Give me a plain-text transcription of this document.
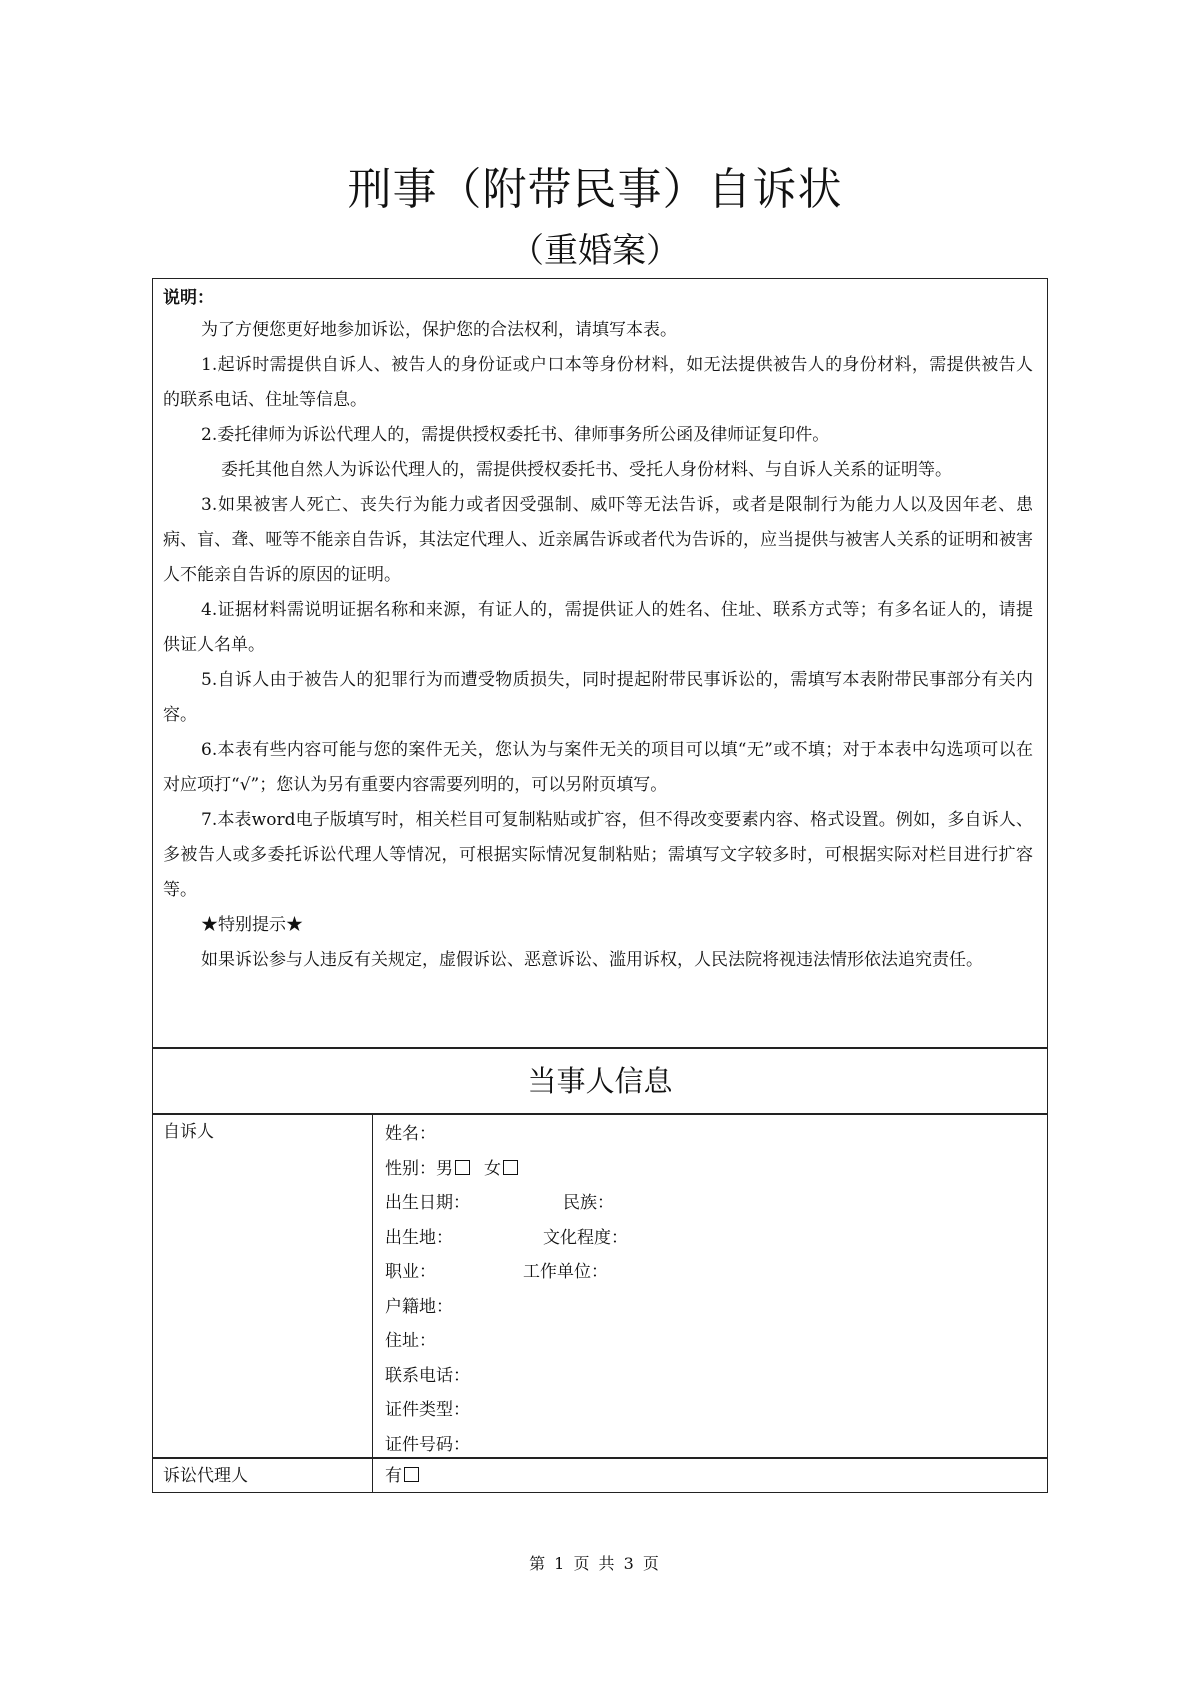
刑事（附带民事）自诉状
（重婚案）
说明：

为了方便您更好地参加诉讼，保护您的合法权利，请填写本表。

1.起诉时需提供自诉人、被告人的身份证或户口本等身份材料，如无法提供被告人的身份材料，需提供被告人的联系电话、住址等信息。

2.委托律师为诉讼代理人的，需提供授权委托书、律师事务所公函及律师证复印件。

委托其他自然人为诉讼代理人的，需提供授权委托书、受托人身份材料、与自诉人关系的证明等。

3.如果被害人死亡、丧失行为能力或者因受强制、威吓等无法告诉，或者是限制行为能力人以及因年老、患病、盲、聋、哑等不能亲自告诉，其法定代理人、近亲属告诉或者代为告诉的，应当提供与被害人关系的证明和被害人不能亲自告诉的原因的证明。

4.证据材料需说明证据名称和来源，有证人的，需提供证人的姓名、住址、联系方式等；有多名证人的，请提供证人名单。

5.自诉人由于被告人的犯罪行为而遭受物质损失，同时提起附带民事诉讼的，需填写本表附带民事部分有关内容。

6.本表有些内容可能与您的案件无关，您认为与案件无关的项目可以填“无”或不填；对于本表中勾选项可以在对应项打“√”；您认为另有重要内容需要列明的，可以另附页填写。

7.本表word电子版填写时，相关栏目可复制粘贴或扩容，但不得改变要素内容、格式设置。例如，多自诉人、多被告人或多委托诉讼代理人等情况，可根据实际情况复制粘贴；需填写文字较多时，可根据实际对栏目进行扩容等。

★特别提示★

如果诉讼参与人违反有关规定，虚假诉讼、恶意诉讼、滥用诉权，人民法院将视违法情形依法追究责任。

当事人信息
自诉人	姓名：
性别：男 女
出生日期：	民族：
出生地：	文化程度：
职业：	工作单位：
户籍地：
住址：
联系电话：
证件类型：
证件号码：
诉讼代理人	有
第 1 页 共 3 页
